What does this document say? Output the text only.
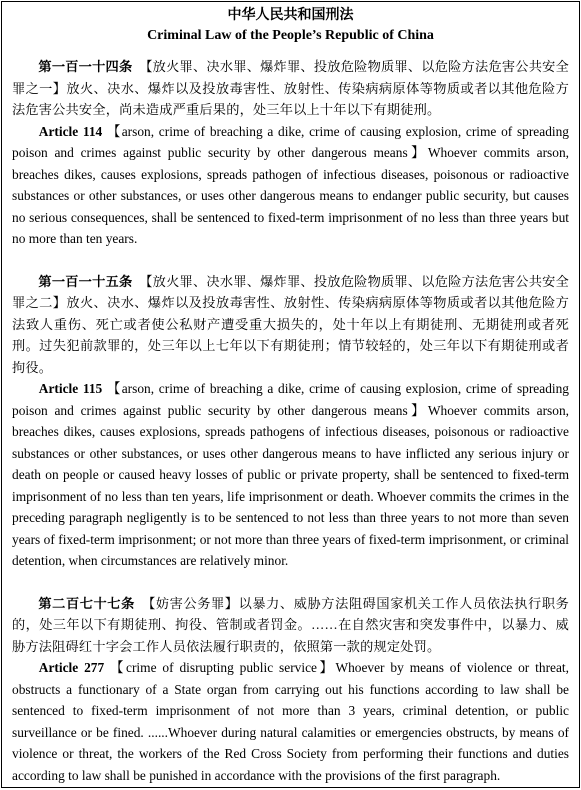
中华人民共和国刑法
Criminal Law of the People’s Republic of China

第一百一十四条　 【放火罪、决水罪、爆炸罪、投放危险物质罪、以危险方法危害公共安全罪之一】放火、决水、爆炸以及投放毒害性、放射性、传染病病原体等物质或者以其他危险方法危害公共安全，尚未造成严重后果的，处三年以上十年以下有期徒刑。

Article 114 【arson, crime of breaching a dike, crime of causing explosion, crime of spreading poison and crimes against public security by other dangerous means】Whoever commits arson, breaches dikes, causes explosions, spreads pathogen of infectious diseases, poisonous or radioactive substances or other substances, or uses other dangerous means to endanger public security, but causes no serious consequences, shall be sentenced to fixed-term imprisonment of no less than three years but no more than ten years.

第一百一十五条　 【放火罪、决水罪、爆炸罪、投放危险物质罪、以危险方法危害公共安全罪之二】放火、决水、爆炸以及投放毒害性、放射性、传染病病原体等物质或者以其他危险方法致人重伤、死亡或者使公私财产遭受重大损失的，处十年以上有期徒刑、无期徒刑或者死刑。过失犯前款罪的，处三年以上七年以下有期徒刑；情节较轻的，处三年以下有期徒刑或者拘役。

Article 115 【arson, crime of breaching a dike, crime of causing explosion, crime of spreading poison and crimes against public security by other dangerous means】Whoever commits arson, breaches dikes, causes explosions, spreads pathogens of infectious diseases, poisonous or radioactive substances or other substances, or uses other dangerous means to have inflicted any serious injury or death on people or caused heavy losses of public or private property, shall be sentenced to fixed-term imprisonment of no less than ten years, life imprisonment or death. Whoever commits the crimes in the preceding paragraph negligently is to be sentenced to not less than three years to not more than seven years of fixed-term imprisonment; or not more than three years of fixed-term imprisonment, or criminal detention, when circumstances are relatively minor.

第二百七十七条　 【妨害公务罪】以暴力、威胁方法阻碍国家机关工作人员依法执行职务的，处三年以下有期徒刑、拘役、管制或者罚金。……在自然灾害和突发事件中，以暴力、威胁方法阻碍红十字会工作人员依法履行职责的，依照第一款的规定处罚。

Article 277 【crime of disrupting public service】Whoever by means of violence or threat, obstructs a functionary of a State organ from carrying out his functions according to law shall be sentenced to fixed-term imprisonment of not more than 3 years, criminal detention, or public surveillance or be fined. ......Whoever during natural calamities or emergencies obstructs, by means of violence or threat, the workers of the Red Cross Society from performing their functions and duties according to law shall be punished in accordance with the provisions of the first paragraph.
